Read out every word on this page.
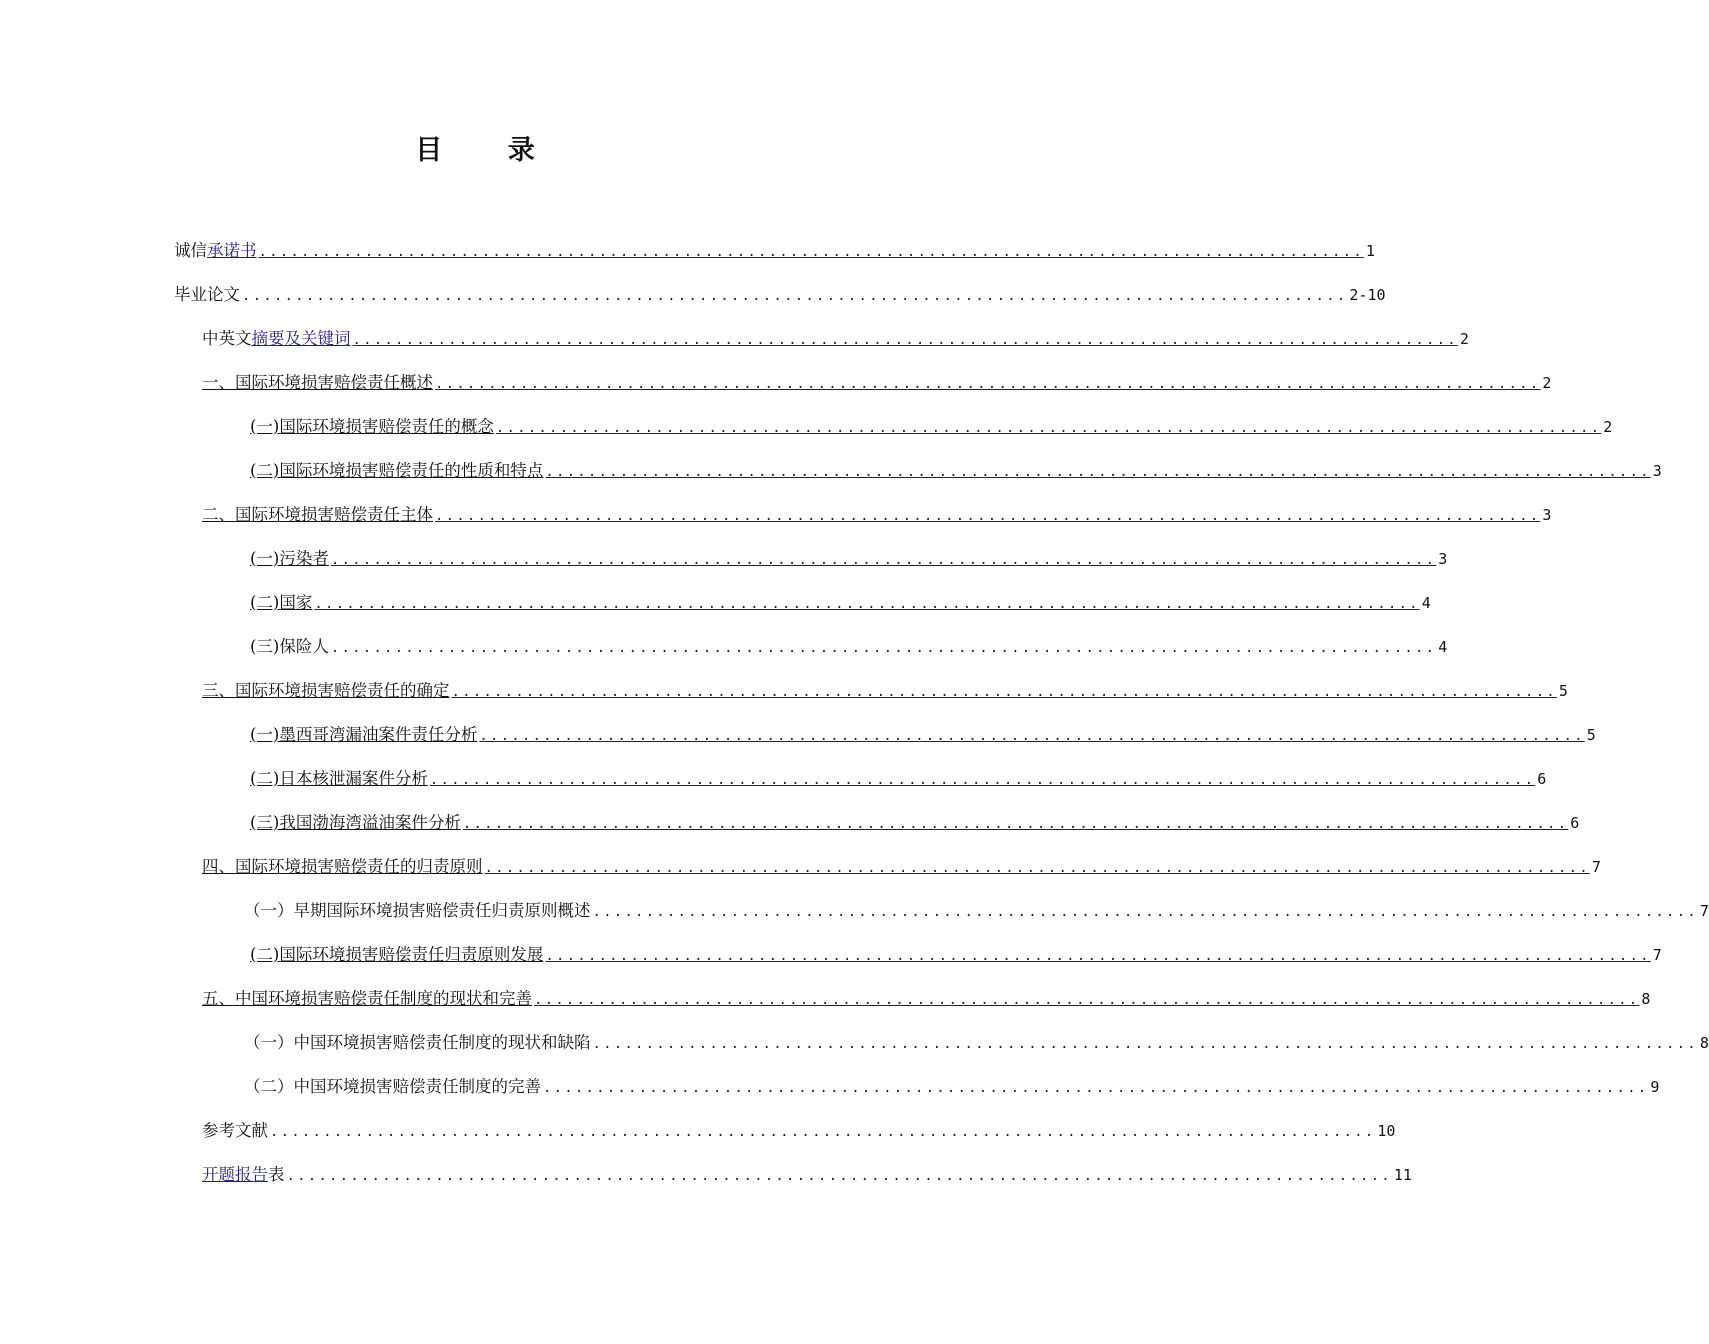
目 录
诚信承诺书 ........................................................................................................ 1
毕业论文 ........................................................................................................ 2-10
中英文摘要及关键词 ........................................................................................................ 2
一、国际环境损害赔偿责任概述 ........................................................................................................ 2
(一)国际环境损害赔偿责任的概念 ........................................................................................................ 2
(二)国际环境损害赔偿责任的性质和特点 ........................................................................................................ 3
二、国际环境损害赔偿责任主体 ........................................................................................................ 3
(一)污染者 ........................................................................................................ 3
(二)国家 ........................................................................................................ 4
(三)保险人 ........................................................................................................ 4
三、国际环境损害赔偿责任的确定 ........................................................................................................ 5
(一)墨西哥湾漏油案件责任分析 ........................................................................................................ 5
(二)日本核泄漏案件分析 ........................................................................................................ 6
(三)我国渤海湾溢油案件分析 ........................................................................................................ 6
四、国际环境损害赔偿责任的归责原则 ........................................................................................................ 7
（一）早期国际环境损害赔偿责任归责原则概述 ........................................................................................................ 7
(二)国际环境损害赔偿责任归责原则发展 ........................................................................................................ 7
五、中国环境损害赔偿责任制度的现状和完善 ........................................................................................................ 8
（一）中国环境损害赔偿责任制度的现状和缺陷 ........................................................................................................ 8
（二）中国环境损害赔偿责任制度的完善 ........................................................................................................ 9
参考文献 ........................................................................................................ 10
开题报告表 ........................................................................................................ 11
